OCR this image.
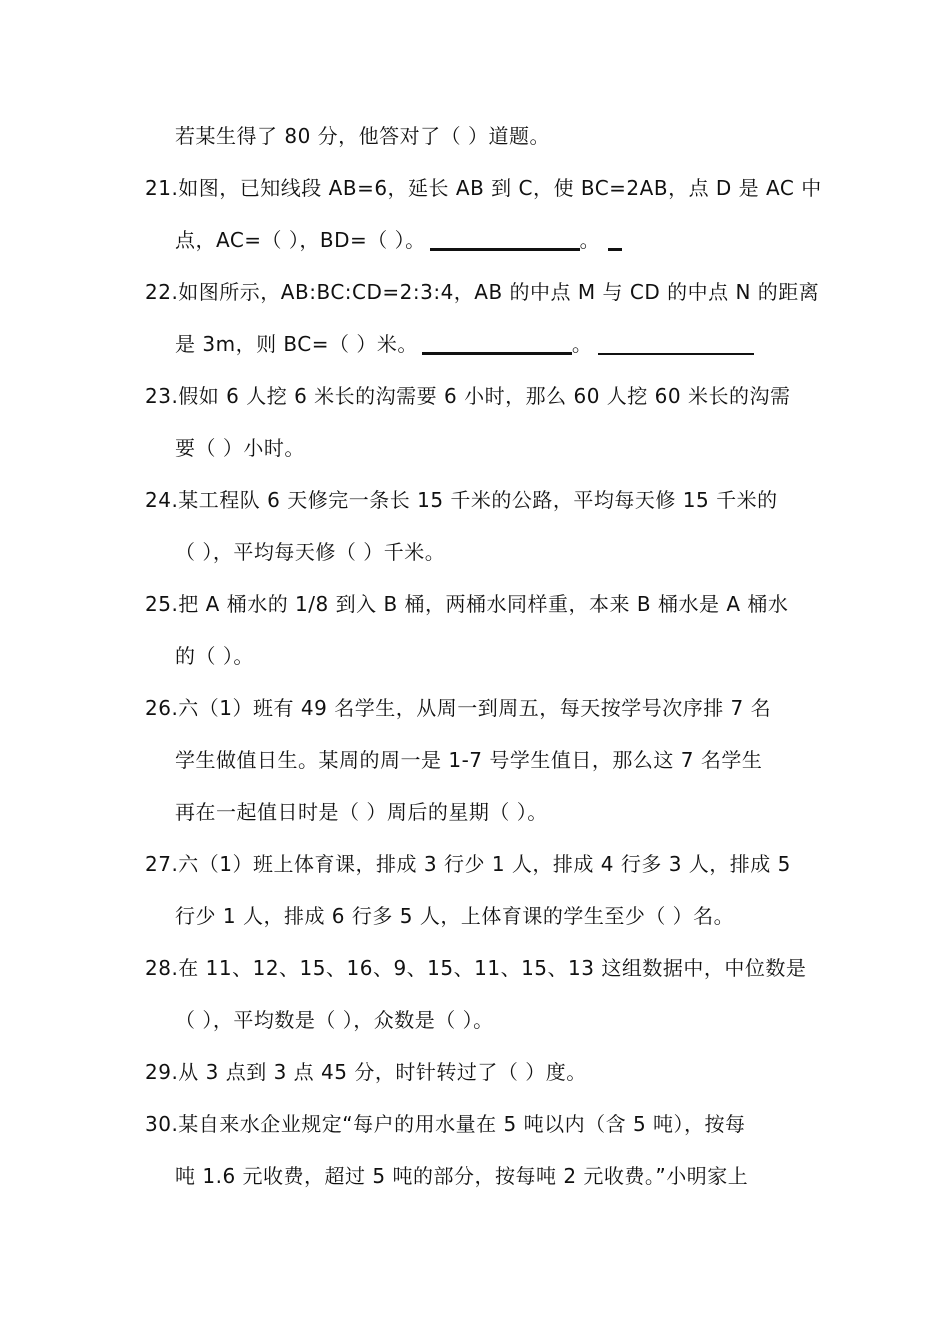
若某生得了 80 分，他答对了（ ）道题。
21.如图，已知线段 AB=6，延长 AB 到 C，使 BC=2AB，点 D 是 AC 中
点，AC=（ ），BD=（ ）。	。
22.如图所示，AB:BC:CD=2:3:4，AB 的中点 M 与 CD 的中点 N 的距离
是 3m，则 BC=（ ）米。	。
23.假如 6 人挖 6 米长的沟需要 6 小时，那么 60 人挖 60 米长的沟需
要（ ）小时。
24.某工程队 6 天修完一条长 15 千米的公路，平均每天修 15 千米的
（ ），平均每天修（ ）千米。
25.把 A 桶水的 1/8 到入 B 桶，两桶水同样重，本来 B 桶水是 A 桶水
的（ ）。
26.六（1）班有 49 名学生，从周一到周五，每天按学号次序排 7 名
学生做值日生。某周的周一是 1-7 号学生值日，那么这 7 名学生
再在一起值日时是（ ）周后的星期（ ）。
27.六（1）班上体育课，排成 3 行少 1 人，排成 4 行多 3 人，排成 5
行少 1 人，排成 6 行多 5 人，上体育课的学生至少（ ）名。
28.在 11、12、15、16、9、15、11、15、13 这组数据中，中位数是
（ ），平均数是（ ），众数是（ ）。
29.从 3 点到 3 点 45 分，时针转过了（ ）度。
30.某自来水企业规定“每户的用水量在 5 吨以内（含 5 吨），按每
吨 1.6 元收费，超过 5 吨的部分，按每吨 2 元收费。”小明家上
